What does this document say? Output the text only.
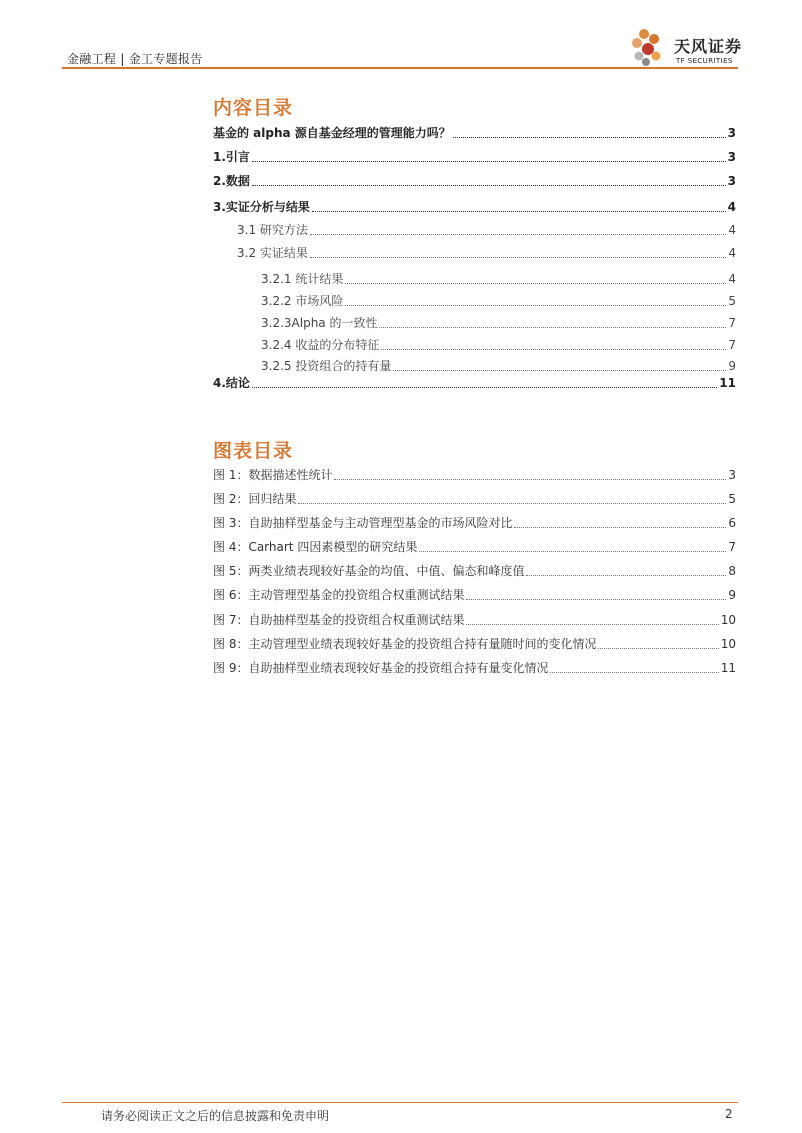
金融工程 | 金工专题报告
天风证券
TF SECURITIES
内容目录
基金的 alpha 源自基金经理的管理能力吗？	3
1.引言	3
2.数据	3
3.实证分析与结果	4
3.1 研究方法	4
3.2 实证结果	4
3.2.1 统计结果	4
3.2.2 市场风险	5
3.2.3Alpha 的一致性	7
3.2.4 收益的分布特征	7
3.2.5 投资组合的持有量	9
4.结论	11
图表目录
图 1：数据描述性统计	3
图 2：回归结果	5
图 3：自助抽样型基金与主动管理型基金的市场风险对比	6
图 4：Carhart 四因素模型的研究结果	7
图 5：两类业绩表现较好基金的均值、中值、偏态和峰度值	8
图 6：主动管理型基金的投资组合权重测试结果	9
图 7：自助抽样型基金的投资组合权重测试结果	10
图 8：主动管理型业绩表现较好基金的投资组合持有量随时间的变化情况	10
图 9：自助抽样型业绩表现较好基金的投资组合持有量变化情况	11
请务必阅读正文之后的信息披露和免责申明	2
